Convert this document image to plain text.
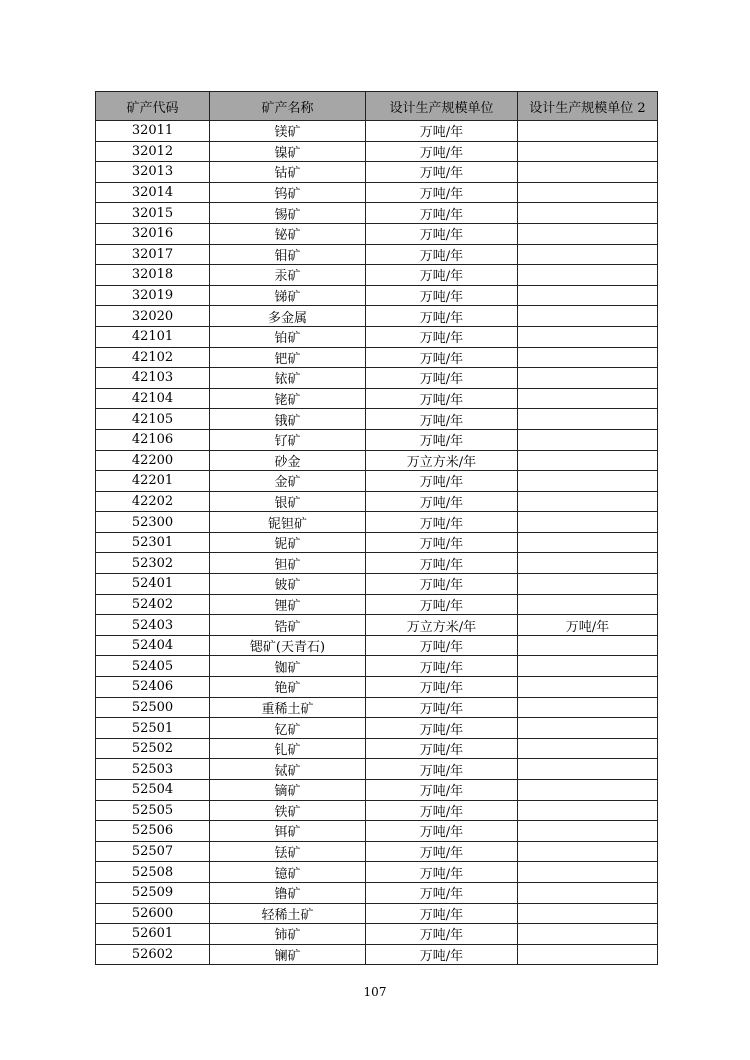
矿产代码	矿产名称	设计生产规模单位	设计生产规模单位 2
32011	镁矿	万吨/年	
32012	镍矿	万吨/年	
32013	钴矿	万吨/年	
32014	钨矿	万吨/年	
32015	锡矿	万吨/年	
32016	铋矿	万吨/年	
32017	钼矿	万吨/年	
32018	汞矿	万吨/年	
32019	锑矿	万吨/年	
32020	多金属	万吨/年	
42101	铂矿	万吨/年	
42102	钯矿	万吨/年	
42103	铱矿	万吨/年	
42104	铑矿	万吨/年	
42105	锇矿	万吨/年	
42106	钌矿	万吨/年	
42200	砂金	万立方米/年	
42201	金矿	万吨/年	
42202	银矿	万吨/年	
52300	铌钽矿	万吨/年	
52301	铌矿	万吨/年	
52302	钽矿	万吨/年	
52401	铍矿	万吨/年	
52402	锂矿	万吨/年	
52403	锆矿	万立方米/年	万吨/年
52404	锶矿(天青石)	万吨/年	
52405	铷矿	万吨/年	
52406	铯矿	万吨/年	
52500	重稀土矿	万吨/年	
52501	钇矿	万吨/年	
52502	钆矿	万吨/年	
52503	铽矿	万吨/年	
52504	镝矿	万吨/年	
52505	铁矿	万吨/年	
52506	铒矿	万吨/年	
52507	铥矿	万吨/年	
52508	镱矿	万吨/年	
52509	镥矿	万吨/年	
52600	轻稀土矿	万吨/年	
52601	铈矿	万吨/年	
52602	镧矿	万吨/年	
107
